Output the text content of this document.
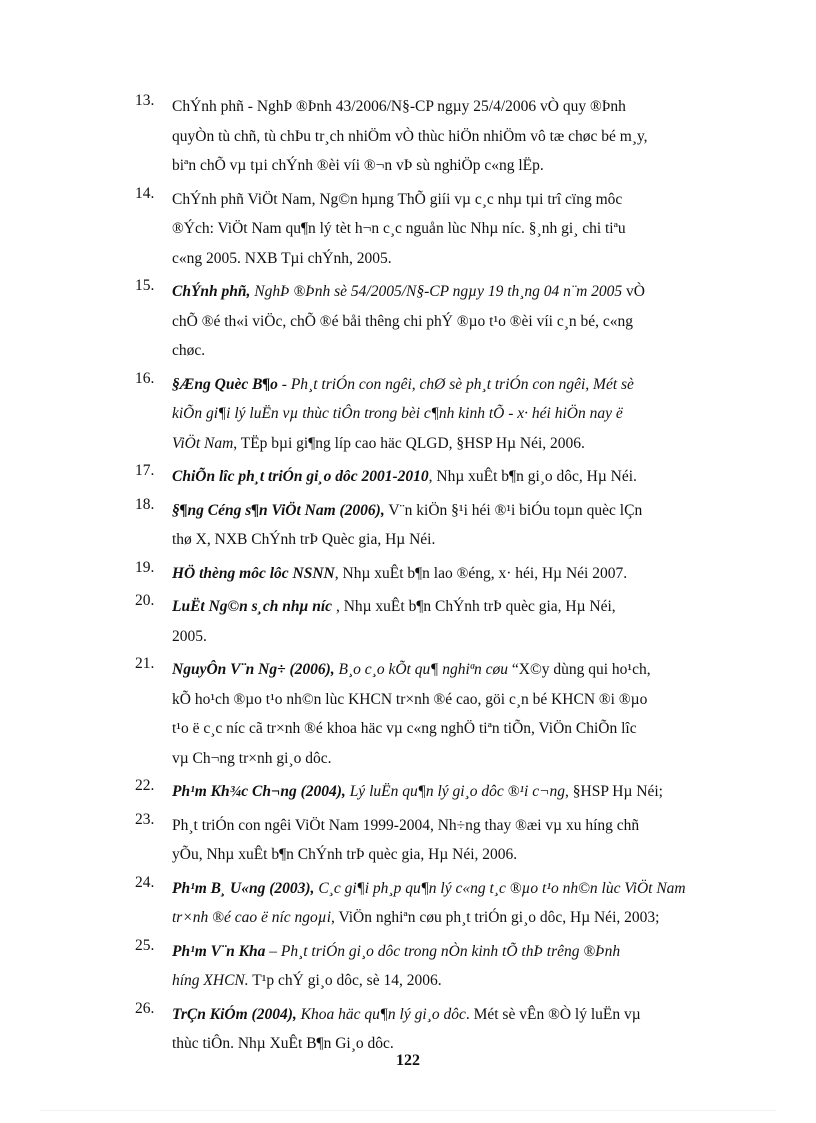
13.	ChÝnh phñ - NghÞ ®Þnh 43/2006/N§-CP ngµy 25/4/2006 vÒ quy ®Þnh
quyÒn tù chñ, tù chÞu tr¸ch nhiÖm vÒ thùc hiÖn nhiÖm vô tæ chøc bé m¸y,
biªn chÕ vµ tµi chÝnh ®èi víi ®¬n vÞ sù nghiÖp c«ng lËp.
14.	ChÝnh phñ ViÖt Nam, Ng©n hµng ThÕ giíi vµ c¸c nhµ tµi trî cïng môc
®Ých: ViÖt Nam qu¶n lý tèt h¬n c¸c nguån lùc Nhµ níc. §¸nh gi¸ chi tiªu
c«ng 2005. NXB Tµi chÝnh, 2005.
15.	ChÝnh phñ, NghÞ ®Þnh sè 54/2005/N§-CP ngµy 19 th¸ng 04 n¨m 2005 vÒ
chÕ ®é th«i viÖc, chÕ ®é båi thêng chi phÝ ®µo t¹o ®èi víi c¸n bé, c«ng
chøc.
16.	§Æng Quèc B¶o - Ph¸t triÓn con ngêi, chØ sè ph¸t triÓn con ngêi, Mét sè
kiÕn gi¶i lý luËn vµ thùc tiÔn trong bèi c¶nh kinh tÕ - x· héi hiÖn nay ë
ViÖt Nam, TËp bµi gi¶ng líp cao häc QLGD, §HSP Hµ Néi, 2006.
17.	ChiÕn lîc ph¸t triÓn gi¸o dôc 2001-2010, Nhµ xuÊt b¶n gi¸o dôc, Hµ Néi.
18.	§¶ng Céng s¶n ViÖt Nam (2006), V¨n kiÖn §¹i héi ®¹i biÓu toµn quèc lÇn
thø X, NXB ChÝnh trÞ Quèc gia, Hµ Néi.
19.	HÖ thèng môc lôc NSNN, Nhµ xuÊt b¶n lao ®éng, x· héi, Hµ Néi 2007.
20.	LuËt Ng©n s¸ch nhµ níc , Nhµ xuÊt b¶n ChÝnh trÞ quèc gia, Hµ Néi,
2005.
21.	NguyÔn V¨n Ng÷ (2006), B¸o c¸o kÕt qu¶ nghiªn cøu “X©y dùng qui ho¹ch,
kÕ ho¹ch ®µo t¹o nh©n lùc KHCN tr×nh ®é cao, göi c¸n bé KHCN ®i ®µo
t¹o ë c¸c níc cã tr×nh ®é khoa häc vµ c«ng nghÖ tiªn tiÕn, ViÖn ChiÕn lîc
vµ Ch¬ng tr×nh gi¸o dôc.
22.	Ph¹m Kh¾c Ch¬ng (2004), Lý luËn qu¶n lý gi¸o dôc ®¹i c¬ng, §HSP Hµ Néi;
23.	Ph¸t triÓn con ngêi ViÖt Nam 1999-2004, Nh÷ng thay ®æi vµ xu híng chñ
yÕu, Nhµ xuÊt b¶n ChÝnh trÞ quèc gia, Hµ Néi, 2006.
24.	Ph¹m B¸ U«ng (2003), C¸c gi¶i ph¸p qu¶n lý c«ng t¸c ®µo t¹o nh©n lùc ViÖt Nam
tr×nh ®é cao ë níc ngoµi, ViÖn nghiªn cøu ph¸t triÓn gi¸o dôc, Hµ Néi, 2003;
25.	Ph¹m V¨n Kha – Ph¸t triÓn gi¸o dôc trong nÒn kinh tÕ thÞ trêng ®Þnh
híng XHCN. T¹p chÝ gi¸o dôc, sè 14, 2006.
26.	TrÇn KiÓm (2004), Khoa häc qu¶n lý gi¸o dôc. Mét sè vÊn ®Ò lý luËn vµ
thùc tiÔn. Nhµ XuÊt B¶n Gi¸o dôc.
122
